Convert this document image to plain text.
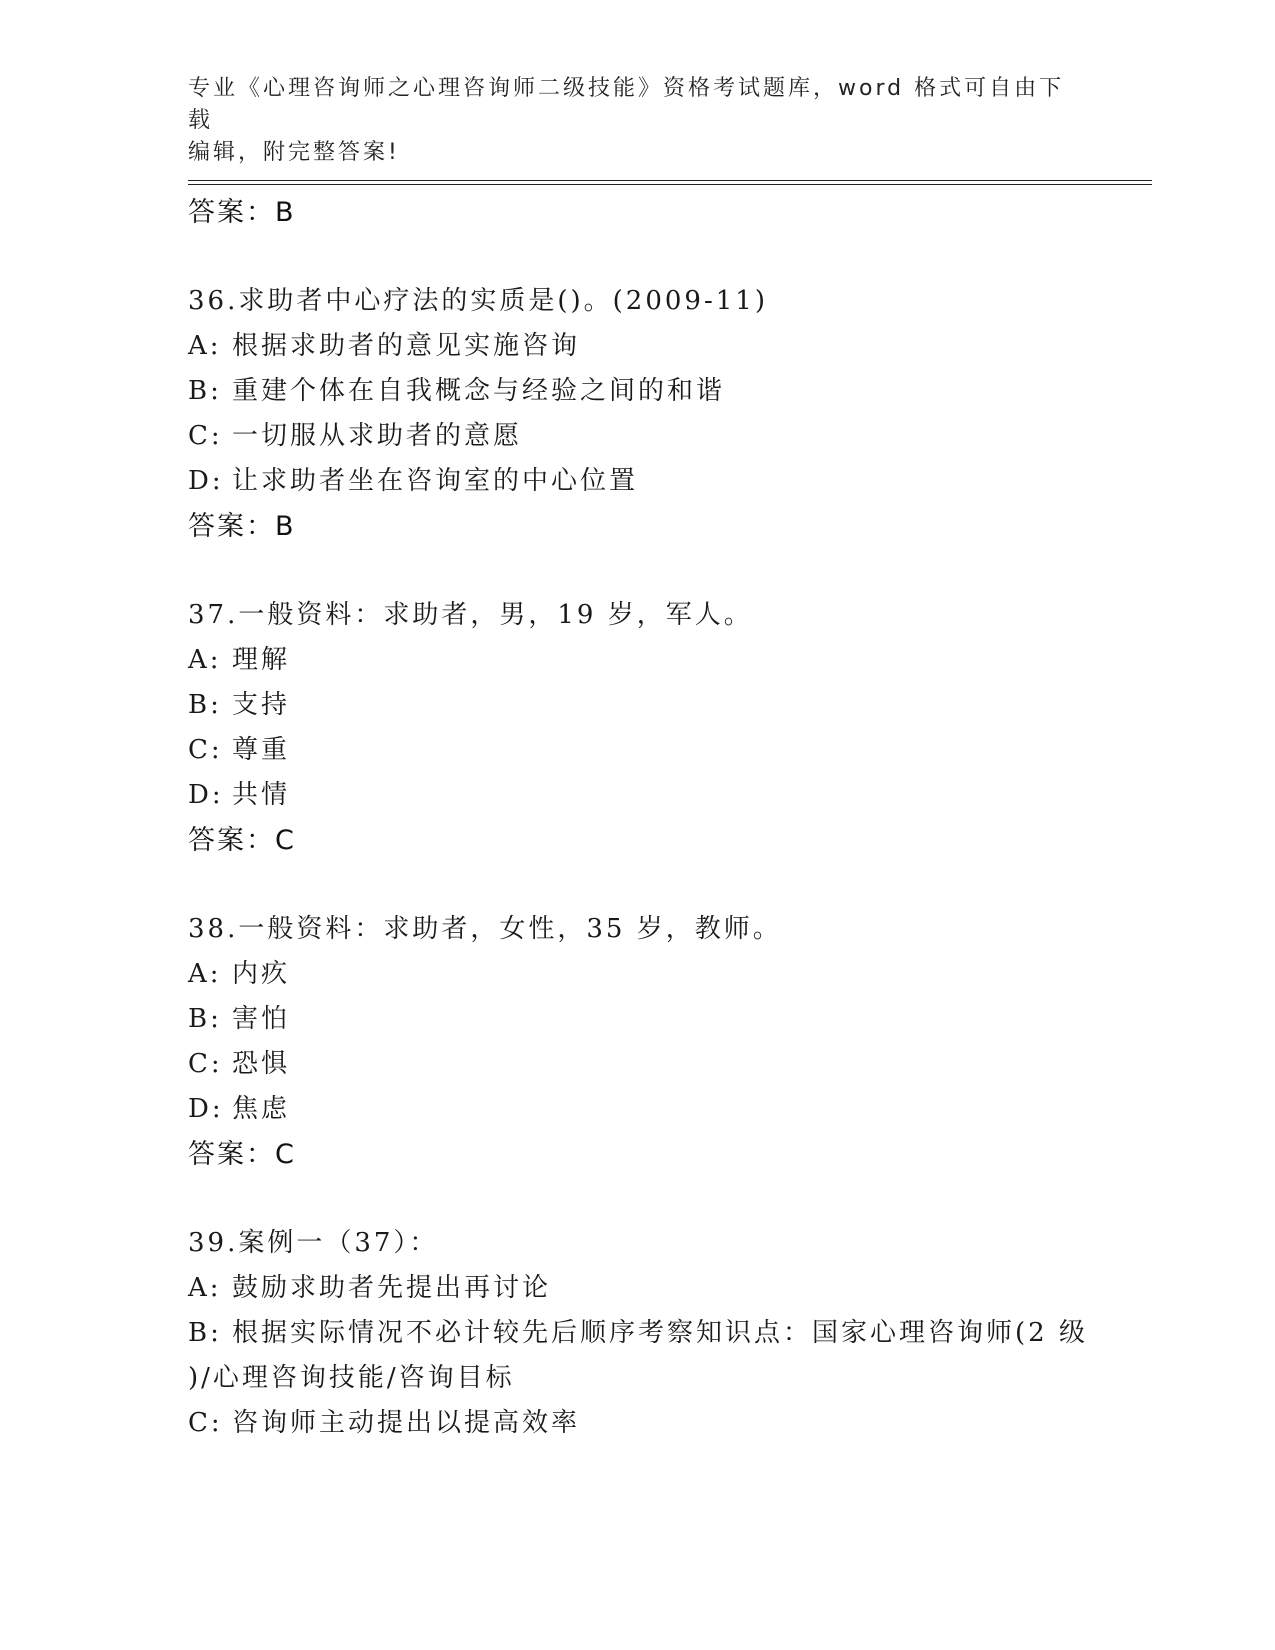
专业《心理咨询师之心理咨询师二级技能》资格考试题库，word 格式可自由下载
编辑，附完整答案!
答案：B
36.求助者中心疗法的实质是()。(2009-11)
A: 根据求助者的意见实施咨询
B: 重建个体在自我概念与经验之间的和谐
C: 一切服从求助者的意愿
D: 让求助者坐在咨询室的中心位置
答案：B
37.一般资料：求助者，男，19 岁，军人。
A: 理解
B: 支持
C: 尊重
D: 共情
答案：C
38.一般资料：求助者，女性，35 岁，教师。
A: 内疚
B: 害怕
C: 恐惧
D: 焦虑
答案：C
39.案例一（37）：
A: 鼓励求助者先提出再讨论
B: 根据实际情况不必计较先后顺序考察知识点：国家心理咨询师(2 级
)/心理咨询技能/咨询目标
C: 咨询师主动提出以提高效率
